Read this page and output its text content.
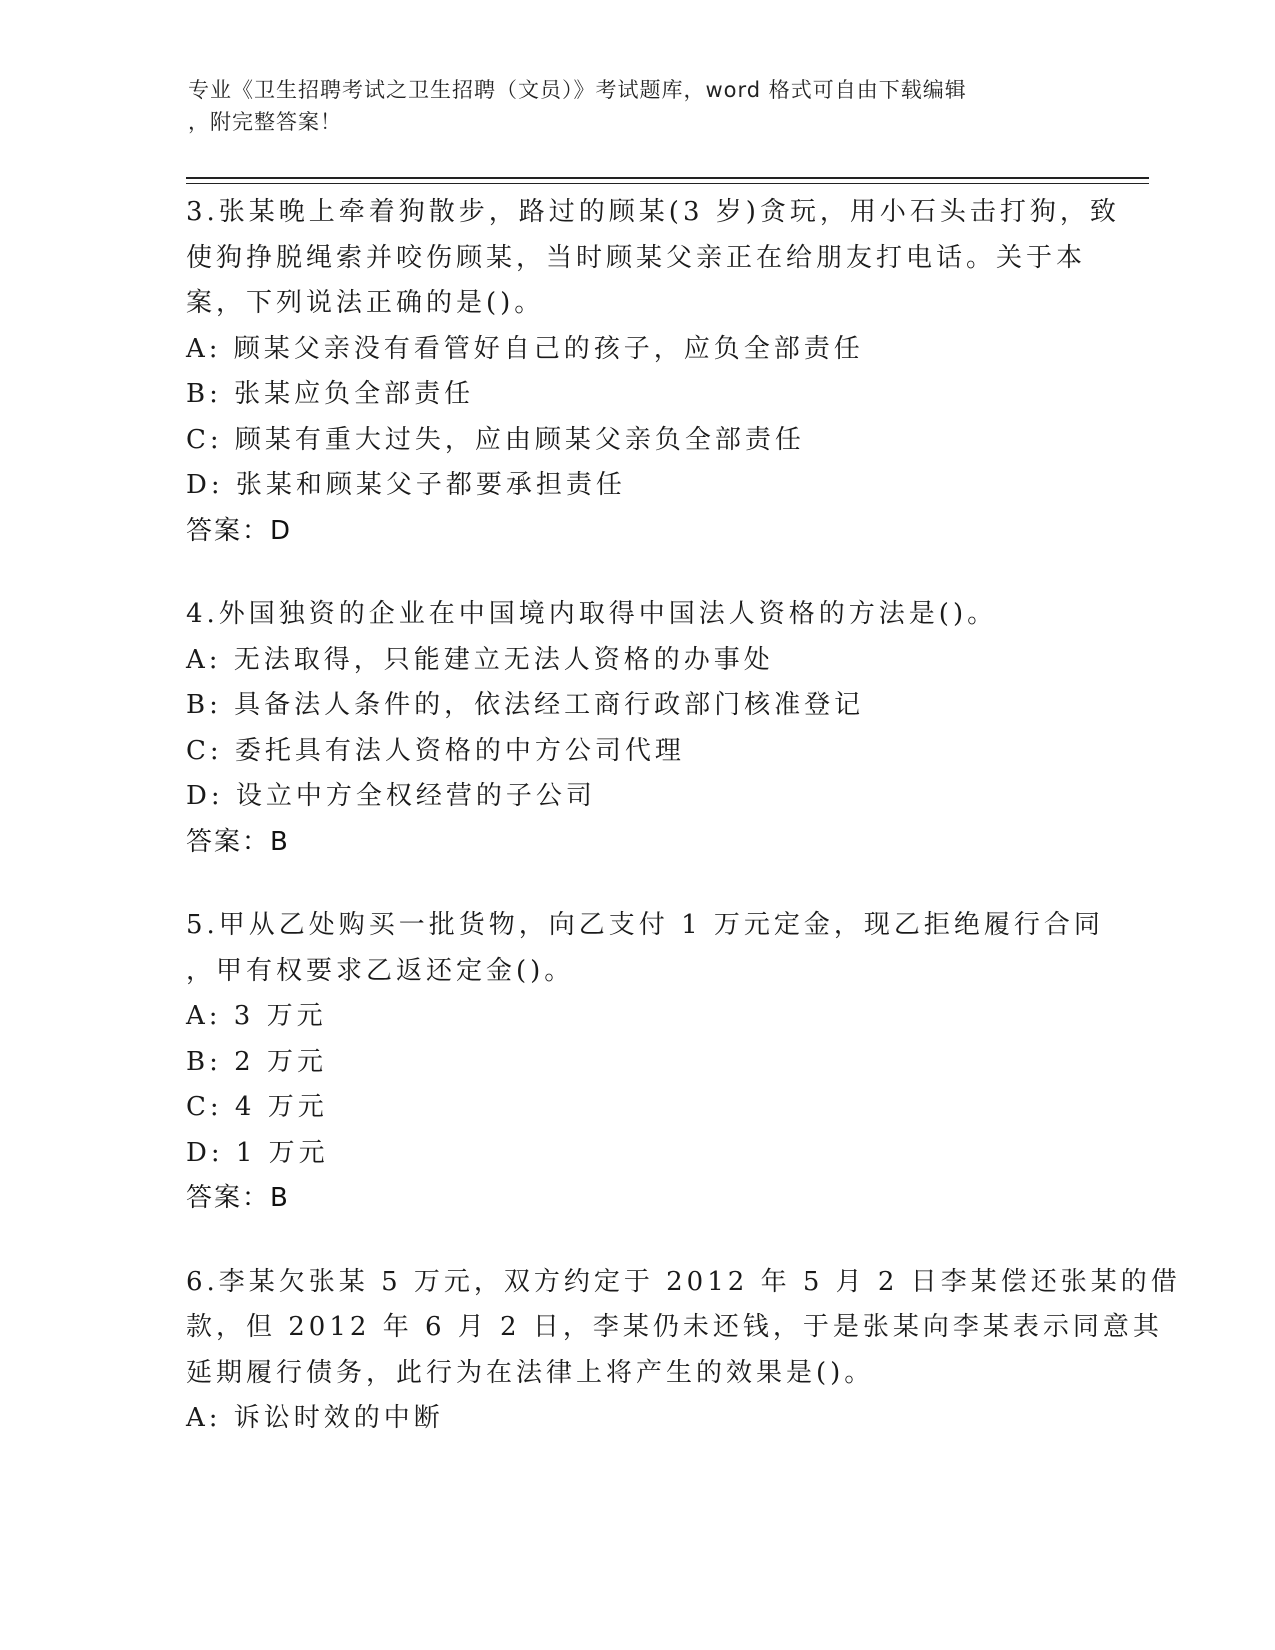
专业《卫生招聘考试之卫生招聘（文员）》考试题库，word 格式可自由下载编辑
，附完整答案！
3.张某晚上牵着狗散步，路过的顾某(3 岁)贪玩，用小石头击打狗，致
使狗挣脱绳索并咬伤顾某，当时顾某父亲正在给朋友打电话。关于本
案，下列说法正确的是()。
A: 顾某父亲没有看管好自己的孩子，应负全部责任
B: 张某应负全部责任
C: 顾某有重大过失，应由顾某父亲负全部责任
D: 张某和顾某父子都要承担责任
答案：D
4.外国独资的企业在中国境内取得中国法人资格的方法是()。
A: 无法取得，只能建立无法人资格的办事处
B: 具备法人条件的，依法经工商行政部门核准登记
C: 委托具有法人资格的中方公司代理
D: 设立中方全权经营的子公司
答案：B
5.甲从乙处购买一批货物，向乙支付 1 万元定金，现乙拒绝履行合同
，甲有权要求乙返还定金()。
A: 3 万元
B: 2 万元
C: 4 万元
D: 1 万元
答案：B
6.李某欠张某 5 万元，双方约定于 2012 年 5 月 2 日李某偿还张某的借
款，但 2012 年 6 月 2 日，李某仍未还钱，于是张某向李某表示同意其
延期履行债务，此行为在法律上将产生的效果是()。
A: 诉讼时效的中断
